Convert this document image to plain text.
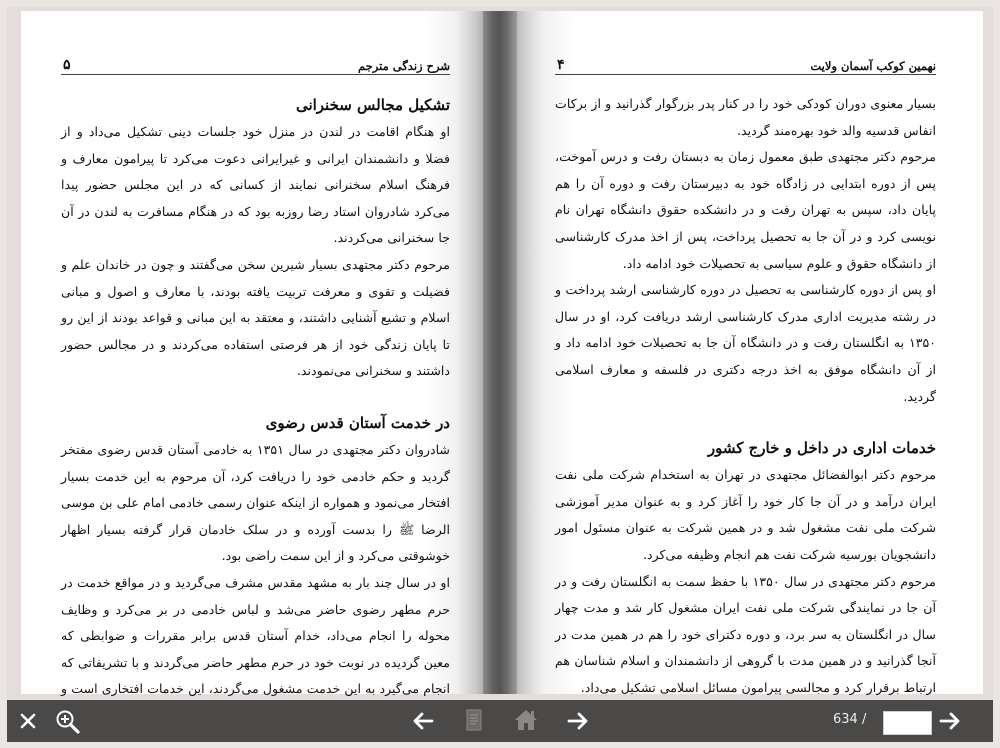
شرح زندگی مترجم
۵
تشکیل مجالس سخنرانی

او هنگام اقامت در لندن در منزل خود جلسات دینی تشکیل می‌داد و از فضلا و دانشمندان ایرانی و غیرایرانی دعوت می‌کرد تا پیرامون معارف و فرهنگ اسلام سخنرانی نمایند از کسانی که در این مجلس حضور پیدا می‌کرد شادروان استاد رضا روزبه بود که در هنگام مسافرت به لندن در آن جا سخنرانی می‌کردند.

مرحوم دکتر مجتهدی بسیار شیرین سخن می‌گفتند و چون در خاندان علم و فضیلت و تقوی و معرفت تربیت یافته بودند، با معارف و اصول و مبانی اسلام و تشیع آشنایی داشتند، و معتقد به این مبانی و قواعد بودند از این رو تا پایان زندگی خود از هر فرصتی استفاده می‌کردند و در مجالس حضور داشتند و سخنرانی می‌نمودند.

در خدمت آستان قدس رضوی

شادروان دکتر مجتهدی در سال ۱۳۵۱ به خادمی آستان قدس رضوی مفتخر گردید و حکم خادمی خود را دریافت کرد، آن مرحوم به این خدمت بسیار افتخار می‌نمود و همواره از اینکه عنوان رسمی خادمی امام علی بن موسی الرضا ﷺ را بدست آورده و در سلک خادمان قرار گرفته بسیار اظهار خوشوقتی می‌کرد و از این سمت راضی بود.

او در سال چند بار به مشهد مقدس مشرف می‌گردید و در مواقع خدمت در حرم مطهر رضوی حاضر می‌شد و لباس خادمی در بر می‌کرد و وظایف محوله را انجام می‌داد، خدام آستان قدس برابر مقررات و ضوابطی که معین گردیده در نوبت خود در حرم مطهر حاضر می‌گردند و با تشریفاتی که انجام می‌گیرد به این خدمت مشغول می‌گردند، این خدمات افتخاری است و

نهمین کوکب آسمان ولایت
۴

بسیار معنوی دوران کودکی خود را در کنار پدر بزرگوار گذرانید و از برکات انفاس قدسیه والد خود بهره‌مند گردید.

مرحوم دکتر مجتهدی طبق معمول زمان به دبستان رفت و درس آموخت، پس از دوره ابتدایی در زادگاه خود به دبیرستان رفت و دوره آن را هم پایان داد، سپس به تهران رفت و در دانشکده حقوق دانشگاه تهران نام نویسی کرد و در آن جا به تحصیل پرداخت، پس از اخذ مدرک کارشناسی از دانشگاه حقوق و علوم سیاسی به تحصیلات خود ادامه داد.

او پس از دوره کارشناسی به تحصیل در دوره کارشناسی ارشد پرداخت و در رشته مدیریت اداری مدرک کارشناسی ارشد دریافت کرد، او در سال ۱۳۵۰ به انگلستان رفت و در دانشگاه آن جا به تحصیلات خود ادامه داد و از آن دانشگاه موفق به اخذ درجه دکتری در فلسفه و معارف اسلامی گردید.

خدمات اداری در داخل و خارج کشور

مرحوم دکتر ابوالفضائل مجتهدی در تهران به استخدام شرکت ملی نفت ایران درآمد و در آن جا کار خود را آغاز کرد و به عنوان مدیر آموزشی شرکت ملی نفت مشغول شد و در همین شرکت به عنوان مسئول امور دانشجویان بورسیه شرکت نفت هم انجام وظیفه می‌کرد.

مرحوم دکتر مجتهدی در سال ۱۳۵۰ با حفظ سمت به انگلستان رفت و در آن جا در نمایندگی شرکت ملی نفت ایران مشغول کار شد و مدت چهار سال در انگلستان به سر برد، و دوره دکترای خود را هم در همین مدت در آنجا گذرانید و در همین مدت با گروهی از دانشمندان و اسلام شناسان هم ارتباط برقرار کرد و مجالسی پیرامون مسائل اسلامی تشکیل می‌داد.

634 /
